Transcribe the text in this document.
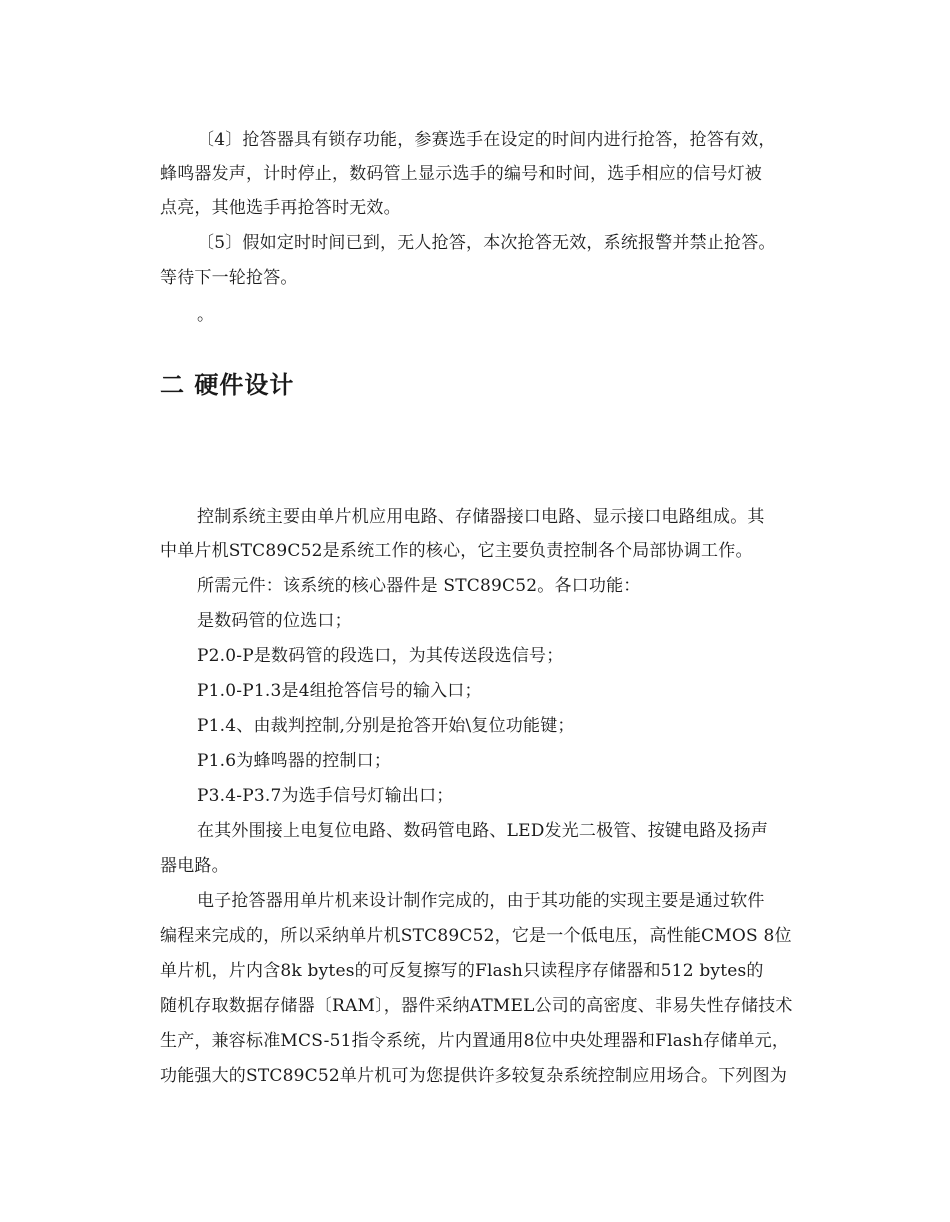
〔4〕抢答器具有锁存功能，参赛选手在设定的时间内进行抢答，抢答有效，
蜂鸣器发声，计时停止，数码管上显示选手的编号和时间，选手相应的信号灯被
点亮，其他选手再抢答时无效。
〔5〕假如定时时间已到，无人抢答，本次抢答无效，系统报警并禁止抢答。
等待下一轮抢答。
。
二 硬件设计
控制系统主要由单片机应用电路、存储器接口电路、显示接口电路组成。其
中单片机STC89C52是系统工作的核心，它主要负责控制各个局部协调工作。
所需元件：该系统的核心器件是 STC89C52。各口功能：
是数码管的位选口；
P2.0-P是数码管的段选口，为其传送段选信号；
P1.0-P1.3是4组抢答信号的输入口；
P1.4、由裁判控制,分别是抢答开始\复位功能键；
P1.6为蜂鸣器的控制口；
P3.4-P3.7为选手信号灯输出口；
在其外围接上电复位电路、数码管电路、LED发光二极管、按键电路及扬声
器电路。
电子抢答器用单片机来设计制作完成的，由于其功能的实现主要是通过软件
编程来完成的，所以采纳单片机STC89C52，它是一个低电压，高性能CMOS 8位
单片机，片内含8k bytes的可反复擦写的Flash只读程序存储器和512 bytes的
随机存取数据存储器〔RAM〕，器件采纳ATMEL公司的高密度、非易失性存储技术
生产，兼容标准MCS-51指令系统，片内置通用8位中央处理器和Flash存储单元，
功能强大的STC89C52单片机可为您提供许多较复杂系统控制应用场合。下列图为
